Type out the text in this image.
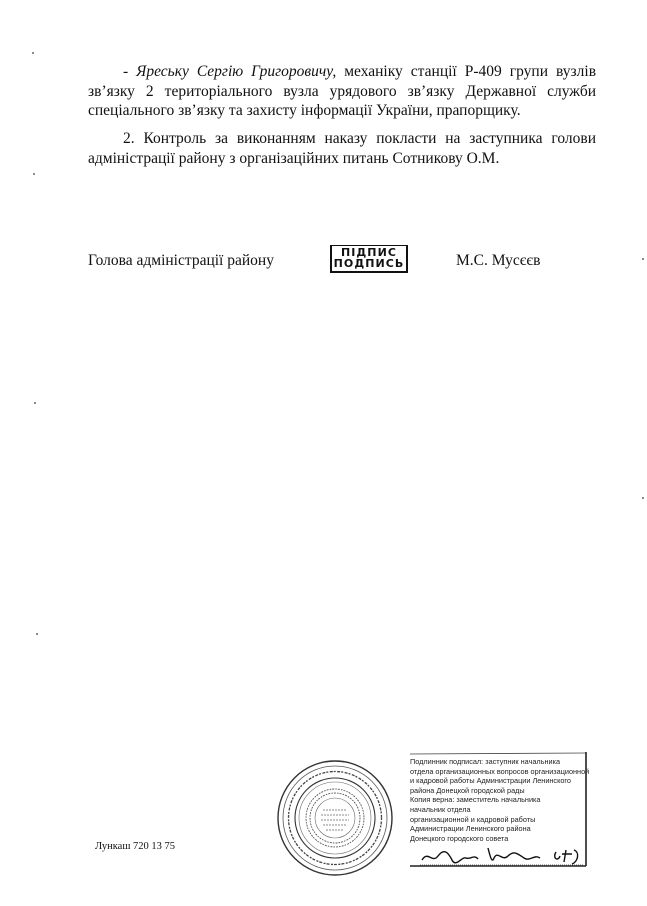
- Яреську Сергію Григоровичу, механіку станції Р-409 групи вузлів зв’язку 2 територіального вузла урядового зв’язку Державної служби спеціального зв’язку та захисту інформації України, прапорщику.

2. Контроль за виконанням наказу покласти на заступника голови адміністрації району з організаційних питань Сотникову О.М.

Голова адміністрації району	ПІДПИС
ПОДПИСЬ	М.С. Мусєєв
Лункаш 720 13 75
Подлинник подписал: заступник начальника
отдела организационных вопросов организационной
и кадровой работы Администрации Ленинского
района Донецкой городской рады
Копия верна: заместитель начальника
начальник отдела
организационной и кадровой работы
Администрации Ленинского района
Донецкого городского совета
